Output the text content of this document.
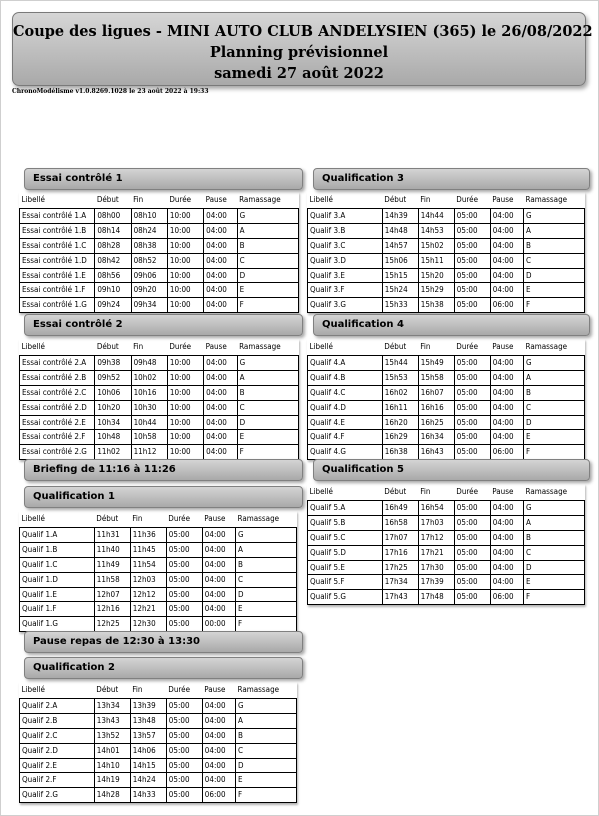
Coupe des ligues - MINI AUTO CLUB ANDELYSIEN (365) le 26/08/2022
Planning prévisionnel
samedi 27 août 2022
ChronoModélisme v1.0.8269.1028 le 23 août 2022 à 19:33
Essai contrôlé 1
Libellé	Début	Fin	Durée	Pause	Ramassage
Essai contrôlé 1.A	08h00	08h10	10:00	04:00	G
Essai contrôlé 1.B	08h14	08h24	10:00	04:00	A
Essai contrôlé 1.C	08h28	08h38	10:00	04:00	B
Essai contrôlé 1.D	08h42	08h52	10:00	04:00	C
Essai contrôlé 1.E	08h56	09h06	10:00	04:00	D
Essai contrôlé 1.F	09h10	09h20	10:00	04:00	E
Essai contrôlé 1.G	09h24	09h34	10:00	04:00	F
Essai contrôlé 2
Libellé	Début	Fin	Durée	Pause	Ramassage
Essai contrôlé 2.A	09h38	09h48	10:00	04:00	G
Essai contrôlé 2.B	09h52	10h02	10:00	04:00	A
Essai contrôlé 2.C	10h06	10h16	10:00	04:00	B
Essai contrôlé 2.D	10h20	10h30	10:00	04:00	C
Essai contrôlé 2.E	10h34	10h44	10:00	04:00	D
Essai contrôlé 2.F	10h48	10h58	10:00	04:00	E
Essai contrôlé 2.G	11h02	11h12	10:00	04:00	F
Briefing de 11:16 à 11:26
Qualification 1
Libellé	Début	Fin	Durée	Pause	Ramassage
Qualif 1.A	11h31	11h36	05:00	04:00	G
Qualif 1.B	11h40	11h45	05:00	04:00	A
Qualif 1.C	11h49	11h54	05:00	04:00	B
Qualif 1.D	11h58	12h03	05:00	04:00	C
Qualif 1.E	12h07	12h12	05:00	04:00	D
Qualif 1.F	12h16	12h21	05:00	04:00	E
Qualif 1.G	12h25	12h30	05:00	00:00	F
Pause repas de 12:30 à 13:30
Qualification 2
Libellé	Début	Fin	Durée	Pause	Ramassage
Qualif 2.A	13h34	13h39	05:00	04:00	G
Qualif 2.B	13h43	13h48	05:00	04:00	A
Qualif 2.C	13h52	13h57	05:00	04:00	B
Qualif 2.D	14h01	14h06	05:00	04:00	C
Qualif 2.E	14h10	14h15	05:00	04:00	D
Qualif 2.F	14h19	14h24	05:00	04:00	E
Qualif 2.G	14h28	14h33	05:00	06:00	F
Qualification 3
Libellé	Début	Fin	Durée	Pause	Ramassage
Qualif 3.A	14h39	14h44	05:00	04:00	G
Qualif 3.B	14h48	14h53	05:00	04:00	A
Qualif 3.C	14h57	15h02	05:00	04:00	B
Qualif 3.D	15h06	15h11	05:00	04:00	C
Qualif 3.E	15h15	15h20	05:00	04:00	D
Qualif 3.F	15h24	15h29	05:00	04:00	E
Qualif 3.G	15h33	15h38	05:00	06:00	F
Qualification 4
Libellé	Début	Fin	Durée	Pause	Ramassage
Qualif 4.A	15h44	15h49	05:00	04:00	G
Qualif 4.B	15h53	15h58	05:00	04:00	A
Qualif 4.C	16h02	16h07	05:00	04:00	B
Qualif 4.D	16h11	16h16	05:00	04:00	C
Qualif 4.E	16h20	16h25	05:00	04:00	D
Qualif 4.F	16h29	16h34	05:00	04:00	E
Qualif 4.G	16h38	16h43	05:00	06:00	F
Qualification 5
Libellé	Début	Fin	Durée	Pause	Ramassage
Qualif 5.A	16h49	16h54	05:00	04:00	G
Qualif 5.B	16h58	17h03	05:00	04:00	A
Qualif 5.C	17h07	17h12	05:00	04:00	B
Qualif 5.D	17h16	17h21	05:00	04:00	C
Qualif 5.E	17h25	17h30	05:00	04:00	D
Qualif 5.F	17h34	17h39	05:00	04:00	E
Qualif 5.G	17h43	17h48	05:00	06:00	F
